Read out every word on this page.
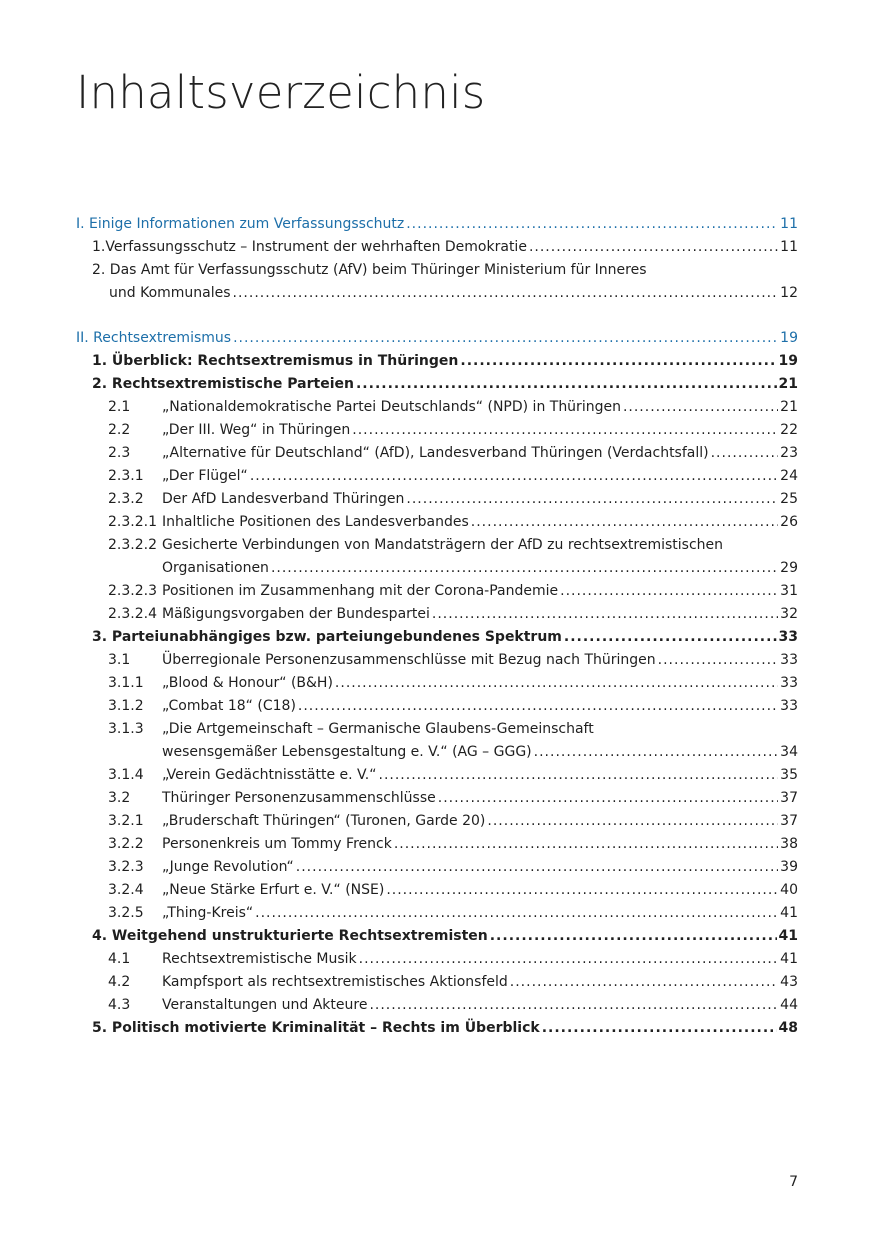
Inhaltsverzeichnis
I. Einige Informationen zum Verfassungsschutz .....	11
1.Verfassungsschutz – Instrument der wehrhaften Demokratie .....	11
2. Das Amt für Verfassungsschutz (AfV) beim Thüringer Ministerium für Inneres
und Kommunales .....	12
II. Rechtsextremismus .....	19
1. Überblick: Rechtsextremismus in Thüringen .....	19
2. Rechtsextremistische Parteien .....	21
2.1	„Nationaldemokratische Partei Deutschlands“ (NPD) in Thüringen .....	21
2.2	„Der III. Weg“ in Thüringen .....	22
2.3	„Alternative für Deutschland“ (AfD), Landesverband Thüringen (Verdachtsfall) .....	23
2.3.1	„Der Flügel“ .....	24
2.3.2	Der AfD Landesverband Thüringen .....	25
2.3.2.1 Inhaltliche Positionen des Landesverbandes .....	26
2.3.2.2 Gesicherte Verbindungen von Mandatsträgern der AfD zu rechtsextremistischen
Organisationen .....	29
2.3.2.3 Positionen im Zusammenhang mit der Corona-Pandemie .....	31
2.3.2.4 Mäßigungsvorgaben der Bundespartei .....	32
3. Parteiunabhängiges bzw. parteiungebundenes Spektrum .....	33
3.1	Überregionale Personenzusammenschlüsse mit Bezug nach Thüringen .....	33
3.1.1	„Blood & Honour“ (B&H) .....	33
3.1.2	„Combat 18“ (C18) .....	33
3.1.3	„Die Artgemeinschaft – Germanische Glaubens-Gemeinschaft
wesensgemäßer Lebensgestaltung e. V.“ (AG – GGG) .....	34
3.1.4	„Verein Gedächtnisstätte e. V.“ .....	35
3.2	Thüringer Personenzusammenschlüsse .....	37
3.2.1	„Bruderschaft Thüringen“ (Turonen, Garde 20) .....	37
3.2.2	Personenkreis um Tommy Frenck .....	38
3.2.3	„Junge Revolution“ .....	39
3.2.4	„Neue Stärke Erfurt e. V.“ (NSE) .....	40
3.2.5	„Thing-Kreis“ .....	41
4. Weitgehend unstrukturierte Rechtsextremisten .....	41
4.1	Rechtsextremistische Musik .....	41
4.2	Kampfsport als rechtsextremistisches Aktionsfeld .....	43
4.3	Veranstaltungen und Akteure .....	44
5. Politisch motivierte Kriminalität – Rechts im Überblick .....	48
7
